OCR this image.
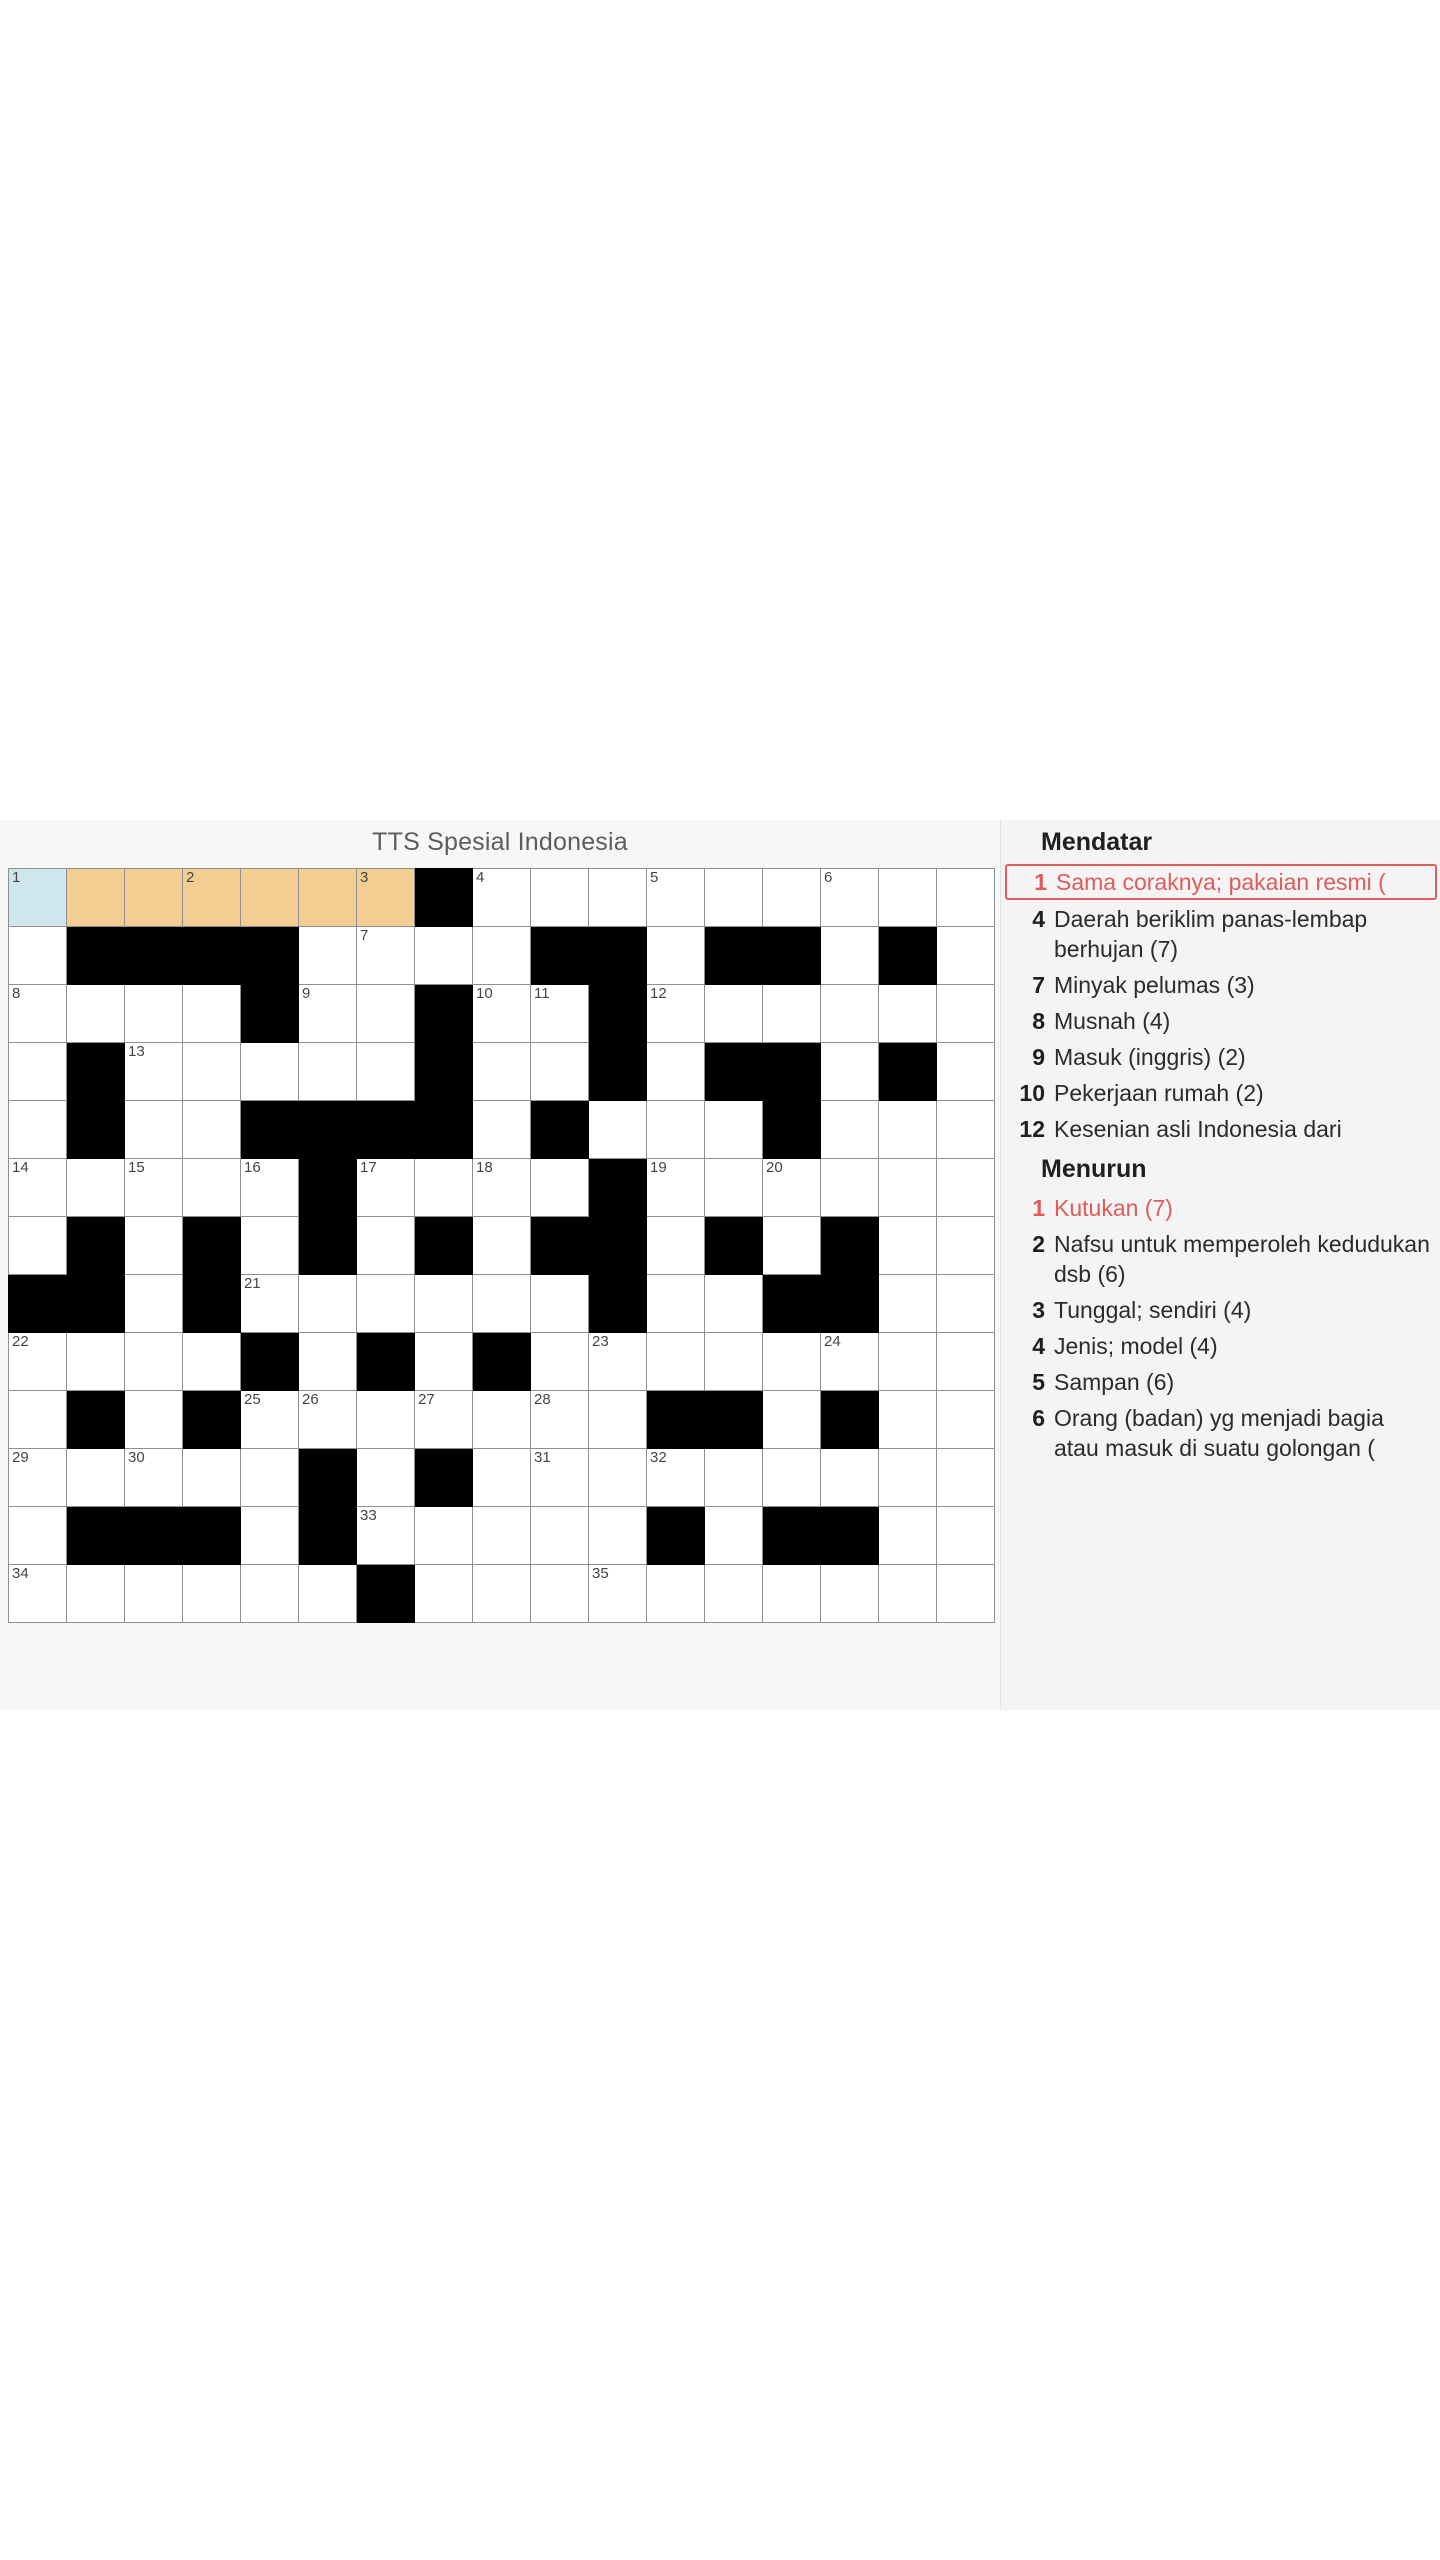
TTS Spesial Indonesia
1			2			3		4			5			6		

						7										

8					9			10	11		12					

		13														

14		15		16		17		18			19		20			

				21												

22										23				24		

				25	26		27		28							

29		30							31		32					

						33										

34										35						

Mendatar
1 Sama coraknya; pakaian resmi (
4 Daerah beriklim panas-lembap berhujan (7)
7 Minyak pelumas (3)
8 Musnah (4)
9 Masuk (inggris) (2)
10 Pekerjaan rumah (2)
12 Kesenian asli Indonesia dari
Menurun
1 Kutukan (7)
2 Nafsu untuk memperoleh kedudukan dsb (6)
3 Tunggal; sendiri (4)
4 Jenis; model (4)
5 Sampan (6)
6 Orang (badan) yg menjadi bagia atau masuk di suatu golongan (
